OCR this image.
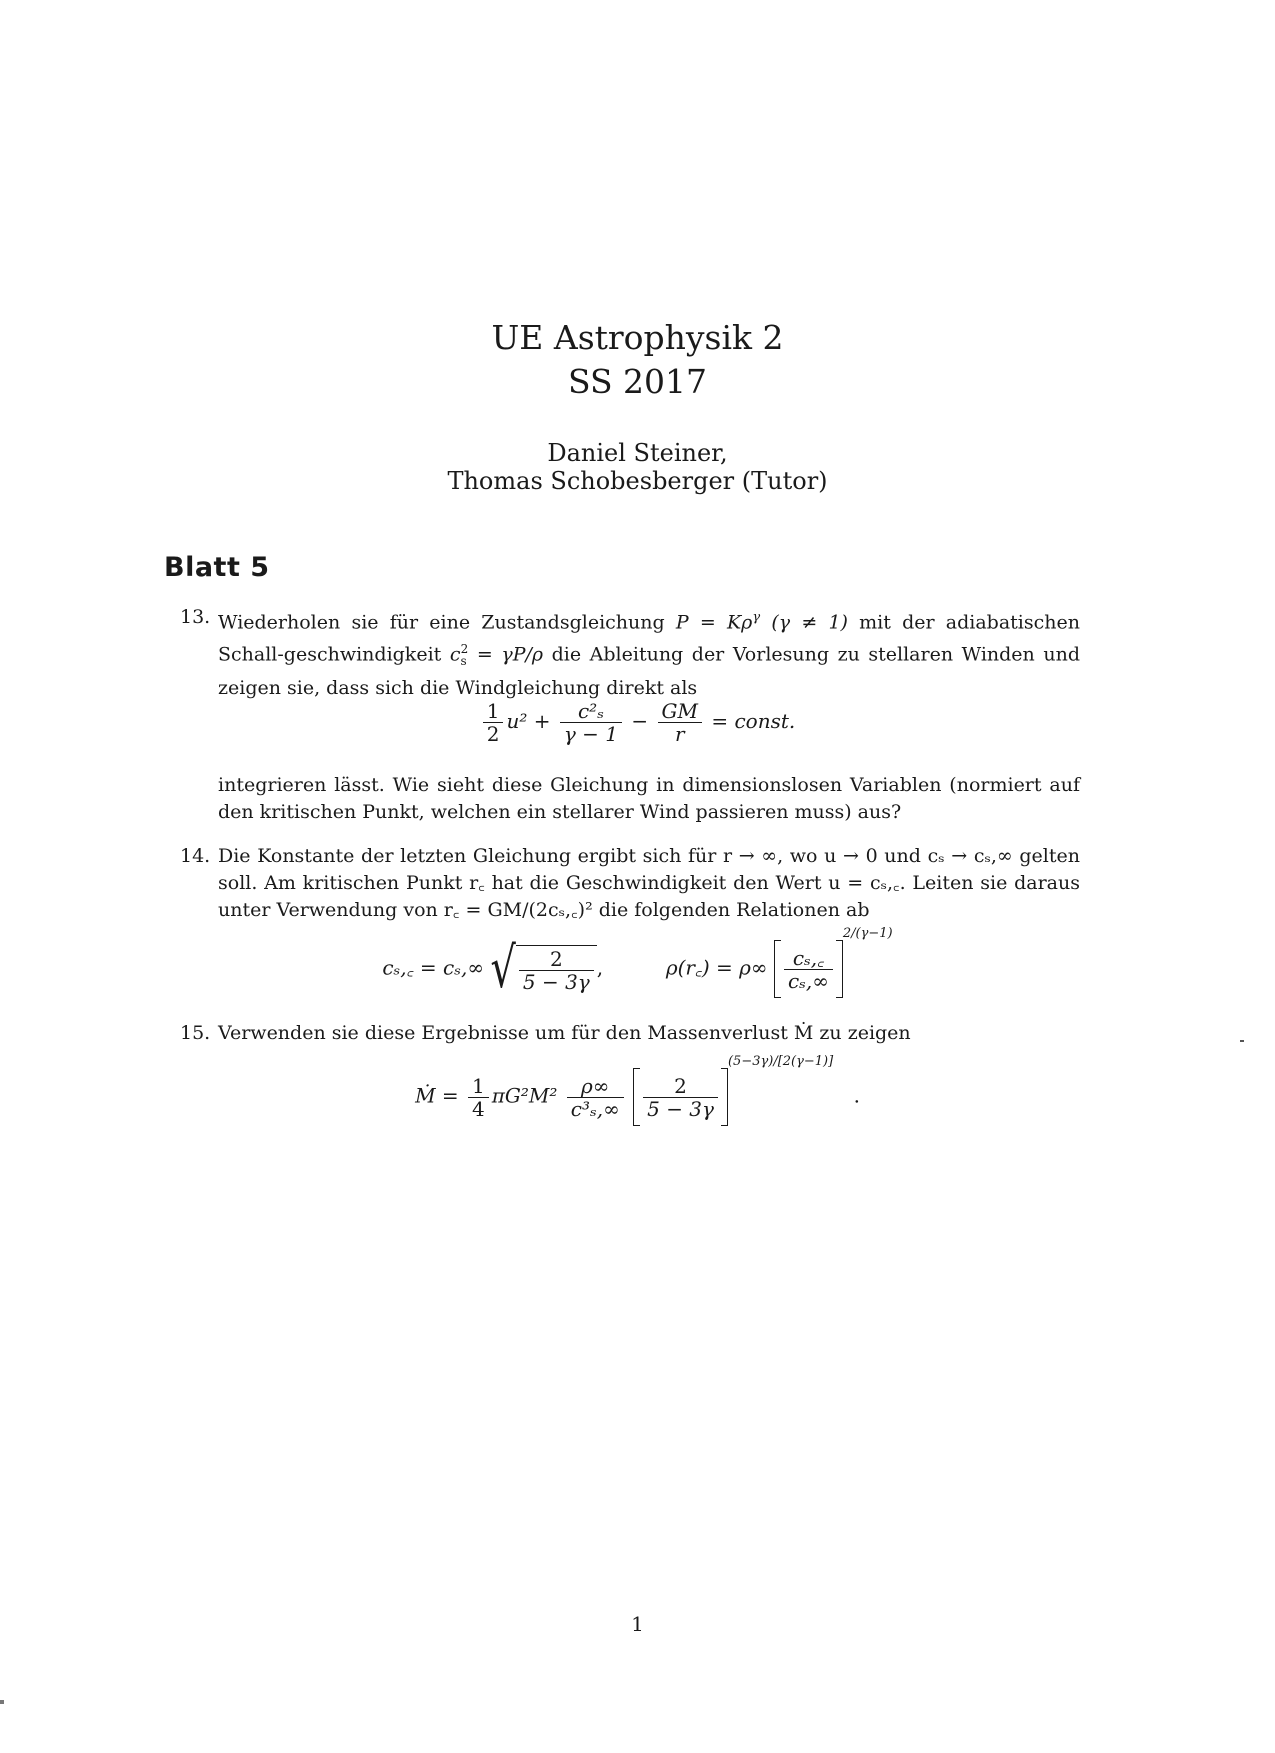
UE Astrophysik 2
SS 2017
Daniel Steiner,
Thomas Schobesberger (Tutor)
Blatt 5
13. Wiederholen sie für eine Zustandsgleichung $P = K\rho^\gamma$ (γ ≠ 1) mit der adiabatischen Schall-geschwindigkeit $c_s^2 = \gamma P/\rho$ die Ableitung der Vorlesung zu stellaren Winden und zeigen sie, dass sich die Windgleichung direkt als
$\frac{1}{2} u^2 + \frac{\text{c²ₛ}}{\gamma - 1} - \frac{GM}{r}$ = const.
integrieren lässt. Wie sieht diese Gleichung in dimensionslosen Variablen (normiert auf den kritischen Punkt, welchen ein stellarer Wind passieren muss) aus?
14. Die Konstante der letzten Gleichung ergibt sich für r → ∞, wo u → 0 und cₛ → cₛ,∞ gelten soll. Am kritischen Punkt r꜀ hat die Geschwindigkeit den Wert u = cₛ,꜀. Leiten sie daraus unter Verwendung von r꜀ = GM/(2cₛ,꜀)² die folgenden Relationen ab
cₛ,꜀ = cₛ,∞ √ $\frac{2}{5 - 3\gamma}$ ,	ρ(r꜀) = $\rho\infty \frac{\text{cₛ,꜀}}{\text{cₛ,∞}}$
$^{2/(\gamma-1)}$
15. Verwenden sie diese Ergebnisse um für den Massenverlust Ṁ zu zeigen
Ṁ = $\frac{1}{4} \pi G^2M^2 \frac{\rho\infty}{\text{c³ₛ,∞}}$
$\frac{2}{5 - 3\gamma}$
$^{(5-3\gamma)/[2(\gamma-1)]}$ .
1
